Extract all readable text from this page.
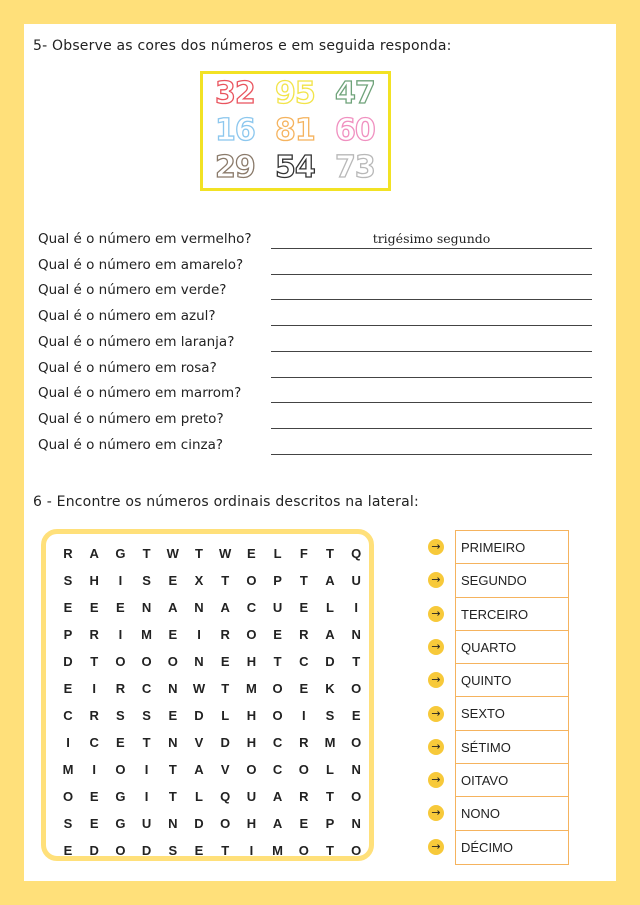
5- Observe as cores dos números e em seguida responda:
32 95 47
16 81 60
29 54 73
Qual é o número em vermelho?	trigésimo segundo
Qual é o número em amarelo?
Qual é o número em verde?
Qual é o número em azul?
Qual é o número em laranja?
Qual é o número em rosa?
Qual é o número em marrom?
Qual é o número em preto?
Qual é o número em cinza?
6 - Encontre os números ordinais descritos na lateral:
R	A	G	T	W	T	W	E	L	F	T	Q
S	H	I	S	E	X	T	O	P	T	A	U
E	E	E	N	A	N	A	C	U	E	L	I
P	R	I	M	E	I	R	O	E	R	A	N
D	T	O	O	O	N	E	H	T	C	D	T
E	I	R	C	N	W	T	M	O	E	K	O
C	R	S	S	E	D	L	H	O	I	S	E
I	C	E	T	N	V	D	H	C	R	M	O
M	I	O	I	T	A	V	O	C	O	L	N
O	E	G	I	T	L	Q	U	A	R	T	O
S	E	G	U	N	D	O	H	A	E	P	N
E	D	O	D	S	E	T	I	M	O	T	O
→
→
→
→
→
→
→
→
→
→
PRIMEIRO
SEGUNDO
TERCEIRO
QUARTO
QUINTO
SEXTO
SÉTIMO
OITAVO
NONO
DÉCIMO
